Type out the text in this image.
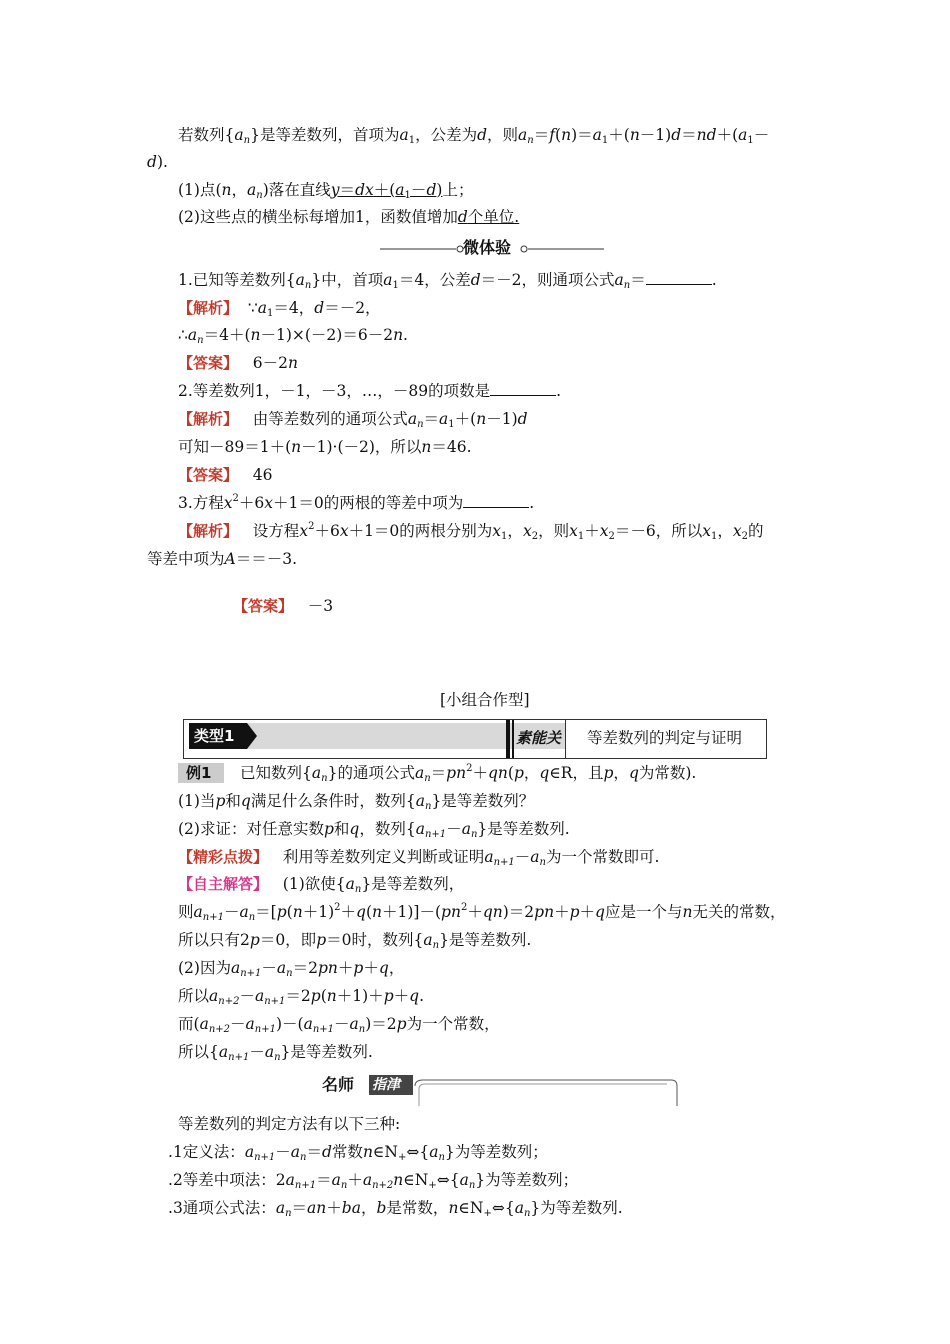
若数列$\{a_n\}$是等差数列，首项为$a_1$，公差为d，则$a_n=f(n)=a_1+(n-1)d=nd+(a_1-$
d).
(1)点(n，$a_n$)落在直线$y=dx+(a_1-d)$上；
(2)这些点的横坐标每增加1，函数值增加d个单位.
微体验
1.已知等差数列$\{a_n\}$中，首项$a_1=4$，公差d＝－2，则通项公式$a_n=$	.
【解析】 $\because a_1=4$，d＝－2，
$\therefore a_n=4+(n-1)\times(-2)=6-2n$.
【答案】 6－2n
2.等差数列1，－1，－3，…，－89的项数是	.
【解析】 由等差数列的通项公式$a_n=a_1+(n-1)d$
可知－89＝1＋(n－1)·(－2)，所以n＝46.
【答案】 46
3.方程$x^2+6x+1=0$的两根的等差中项为	.
【解析】 设方程$x^2+6x+1=0$的两根分别为$x_1$，$x_2$，则$x_1+x_2=-6$，所以$x_1$，$x_2$的
等差中项为A＝＝－3.
【答案】 －3
[小组合作型]
类型1	素能关 等差数列的判定与证明
例1 已知数列$\{a_n\}$的通项公式$a_n=pn^2+qn(p$，q∈R，且p，q为常数).
(1)当p和q满足什么条件时，数列$\{a_n\}$是等差数列？
(2)求证：对任意实数p和q，数列$\{a_{n+1}-a_n\}$是等差数列.
【精彩点拨】 利用等差数列定义判断或证明$a_{n+1}-a_n$为一个常数即可.
【自主解答】 (1)欲使$\{a_n\}$是等差数列，
则$a_{n+1}-a_n=[p(n+1)^2+q(n+1)]-(pn^2+qn)=2pn+p+q$应是一个与n无关的常数，
所以只有2p＝0，即p＝0时，数列$\{a_n\}$是等差数列.
(2)因为$a_{n+1}-a_n=2pn+p+q$，
所以$a_{n+2}-a_{n+1}=2p(n+1)+p+q$.
而$(a_{n+2}-a_{n+1})-(a_{n+1}-a_n)=2p$为一个常数，
所以$\{a_{n+1}-a_n\}$是等差数列.
名师 指津
等差数列的判定方法有以下三种:
.1定义法：$a_{n+1}-a_n=d$常数$n\in N_+\Leftrightarrow\{a_n\}$为等差数列；
.2等差中项法：$2a_{n+1}=a_n+a_{n+2}n\in N_+\Leftrightarrow\{a_n\}$为等差数列；
.3通项公式法：$a_n=an+ba$，b是常数，$n\in N_+\Leftrightarrow\{a_n\}$为等差数列.
